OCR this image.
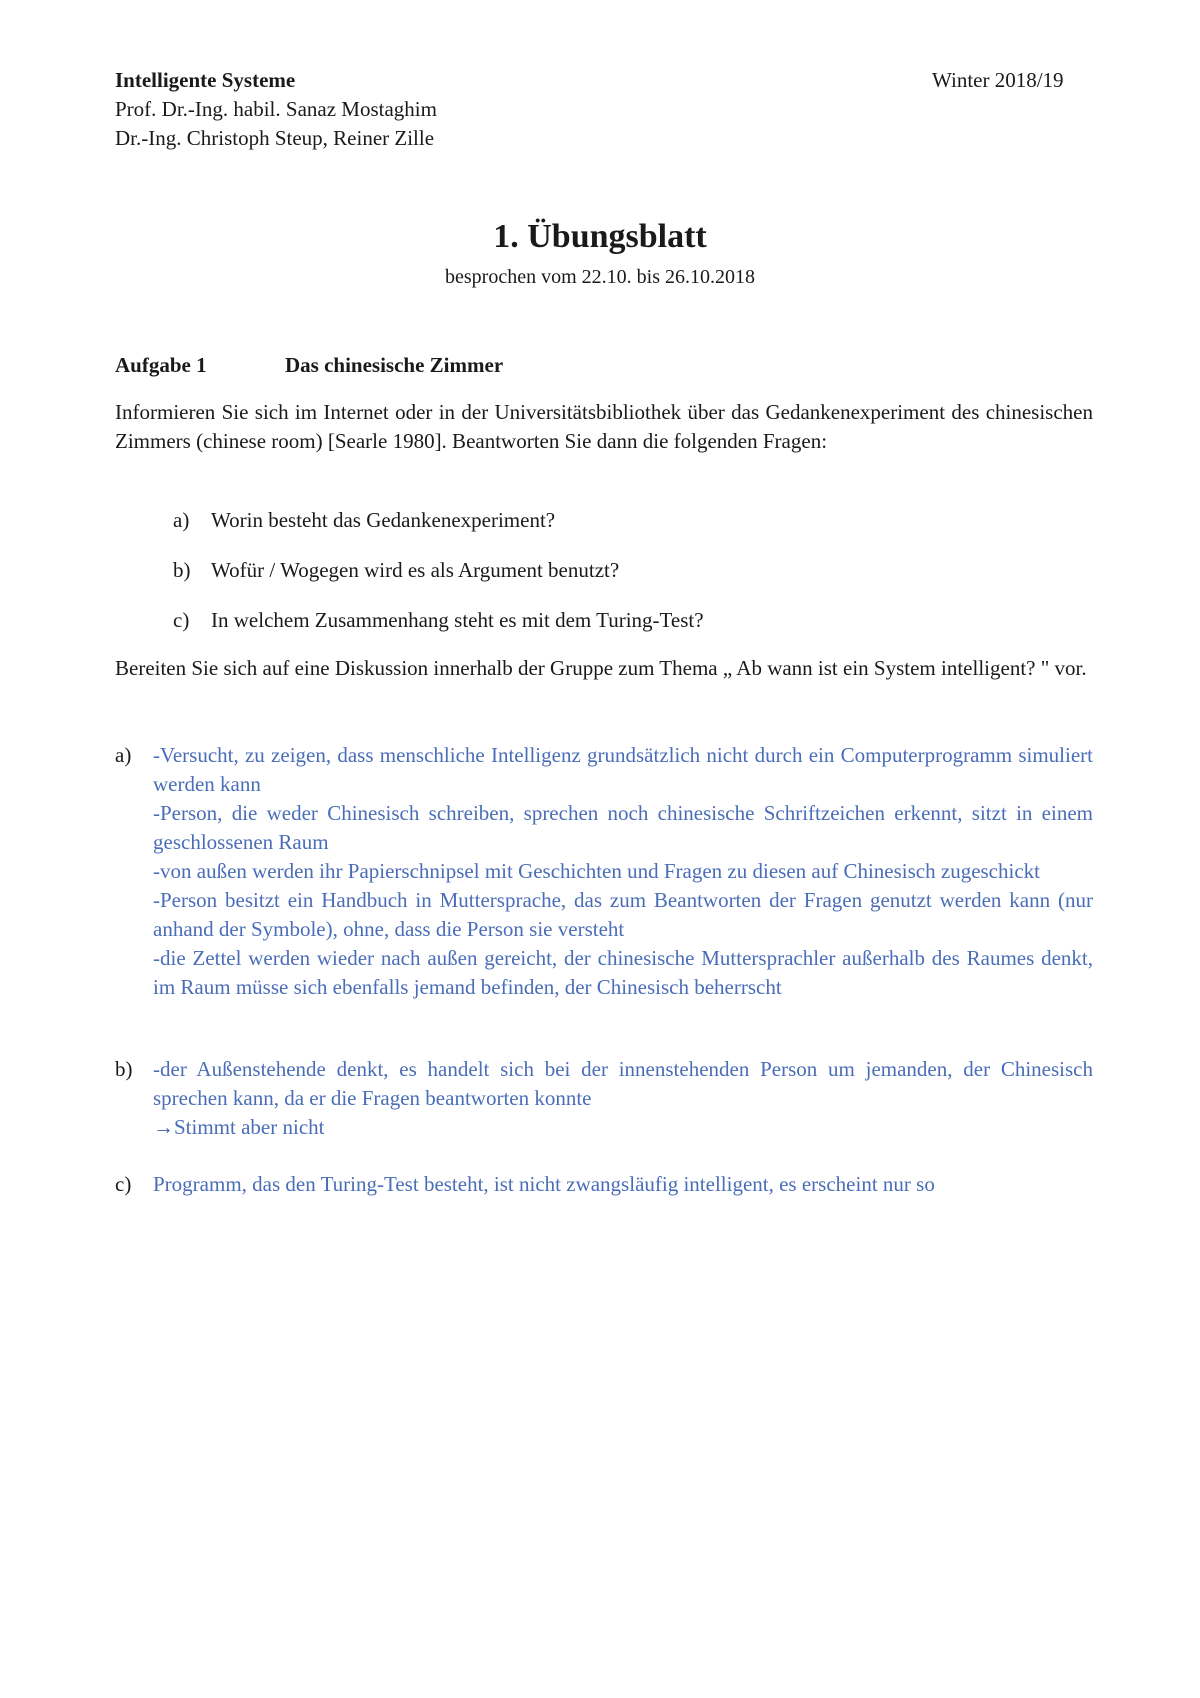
Intelligente Systeme	Winter 2018/19
Prof. Dr.-Ing. habil. Sanaz Mostaghim
Dr.-Ing. Christoph Steup, Reiner Zille
1. Übungsblatt
besprochen vom 22.10. bis 26.10.2018
Aufgabe 1	Das chinesische Zimmer
Informieren Sie sich im Internet oder in der Universitätsbibliothek über das Gedankenexperiment des chinesischen Zimmers (chinese room) [Searle 1980]. Beantworten Sie dann die folgenden Fragen:
a) Worin besteht das Gedankenexperiment?
b) Wofür / Wogegen wird es als Argument benutzt?
c) In welchem Zusammenhang steht es mit dem Turing-Test?
Bereiten Sie sich auf eine Diskussion innerhalb der Gruppe zum Thema „ Ab wann ist ein System intelligent? " vor.
a) -Versucht, zu zeigen, dass menschliche Intelligenz grundsätzlich nicht durch ein Computerprogramm simuliert werden kann
-Person, die weder Chinesisch schreiben, sprechen noch chinesische Schriftzeichen erkennt, sitzt in einem geschlossenen Raum
-von außen werden ihr Papierschnipsel mit Geschichten und Fragen zu diesen auf Chinesisch zugeschickt
-Person besitzt ein Handbuch in Muttersprache, das zum Beantworten der Fragen genutzt werden kann (nur anhand der Symbole), ohne, dass die Person sie versteht
-die Zettel werden wieder nach außen gereicht, der chinesische Muttersprachler außerhalb des Raumes denkt, im Raum müsse sich ebenfalls jemand befinden, der Chinesisch beherrscht
b) -der Außenstehende denkt, es handelt sich bei der innenstehenden Person um jemanden, der Chinesisch sprechen kann, da er die Fragen beantworten konnte
→Stimmt aber nicht
c) Programm, das den Turing-Test besteht, ist nicht zwangsläufig intelligent, es erscheint nur so
